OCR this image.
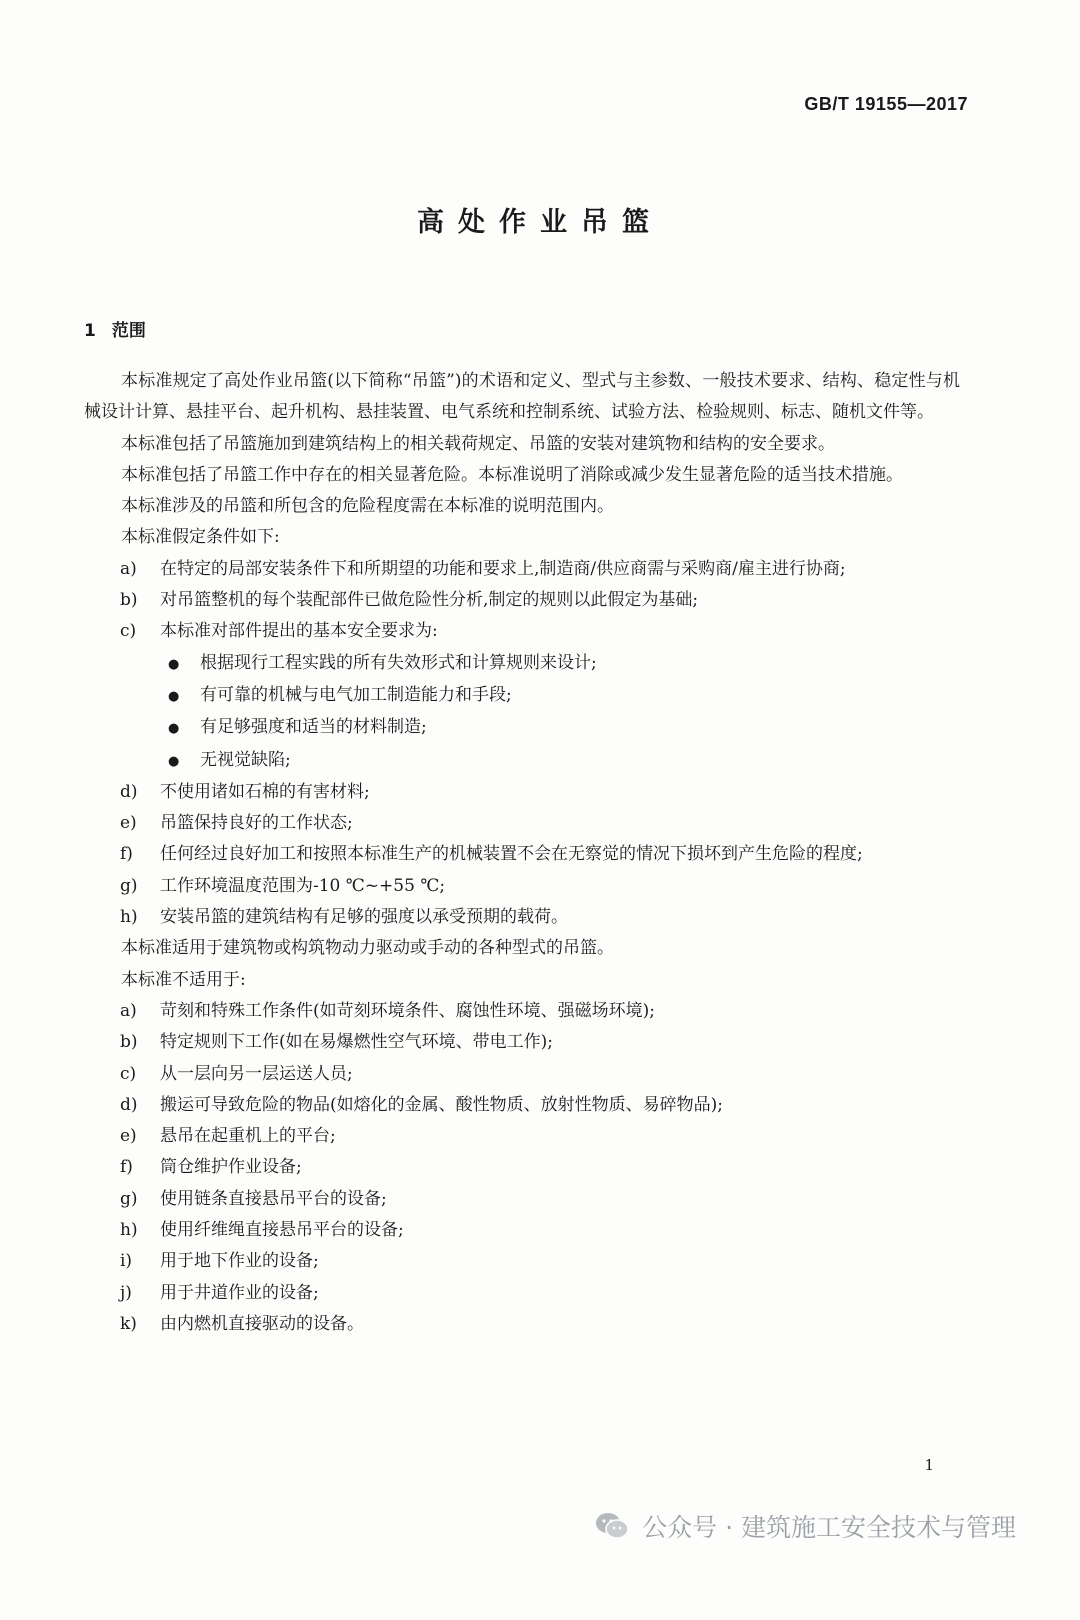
GB/T 19155—2017
高处作业吊篮
1 范围

本标准规定了高处作业吊篮(以下简称“吊篮”)的术语和定义、型式与主参数、一般技术要求、结构、稳定性与机械设计计算、悬挂平台、起升机构、悬挂装置、电气系统和控制系统、试验方法、检验规则、标志、随机文件等。

本标准包括了吊篮施加到建筑结构上的相关载荷规定、吊篮的安装对建筑物和结构的安全要求。

本标准包括了吊篮工作中存在的相关显著危险。本标准说明了消除或减少发生显著危险的适当技术措施。

本标准涉及的吊篮和所包含的危险程度需在本标准的说明范围内。

本标准假定条件如下:

a)	在特定的局部安装条件下和所期望的功能和要求上,制造商/供应商需与采购商/雇主进行协商;
b)	对吊篮整机的每个装配部件已做危险性分析,制定的规则以此假定为基础;
c)	本标准对部件提出的基本安全要求为:
●
根据现行工程实践的所有失效形式和计算规则来设计;
●
有可靠的机械与电气加工制造能力和手段;
●
有足够强度和适当的材料制造;
●
无视觉缺陷;
d)	不使用诸如石棉的有害材料;
e)	吊篮保持良好的工作状态;
f)	任何经过良好加工和按照本标准生产的机械装置不会在无察觉的情况下损坏到产生危险的程度;
g)	工作环境温度范围为-10 ℃~+55 ℃;
h)	安装吊篮的建筑结构有足够的强度以承受预期的载荷。

本标准适用于建筑物或构筑物动力驱动或手动的各种型式的吊篮。

本标准不适用于:

a)	苛刻和特殊工作条件(如苛刻环境条件、腐蚀性环境、强磁场环境);
b)	特定规则下工作(如在易爆燃性空气环境、带电工作);
c)	从一层向另一层运送人员;
d)	搬运可导致危险的物品(如熔化的金属、酸性物质、放射性物质、易碎物品);
e)	悬吊在起重机上的平台;
f)	筒仓维护作业设备;
g)	使用链条直接悬吊平台的设备;
h)	使用纤维绳直接悬吊平台的设备;
i)	用于地下作业的设备;
j)	用于井道作业的设备;
k)	由内燃机直接驱动的设备。
1
公众号 · 建筑施工安全技术与管理
